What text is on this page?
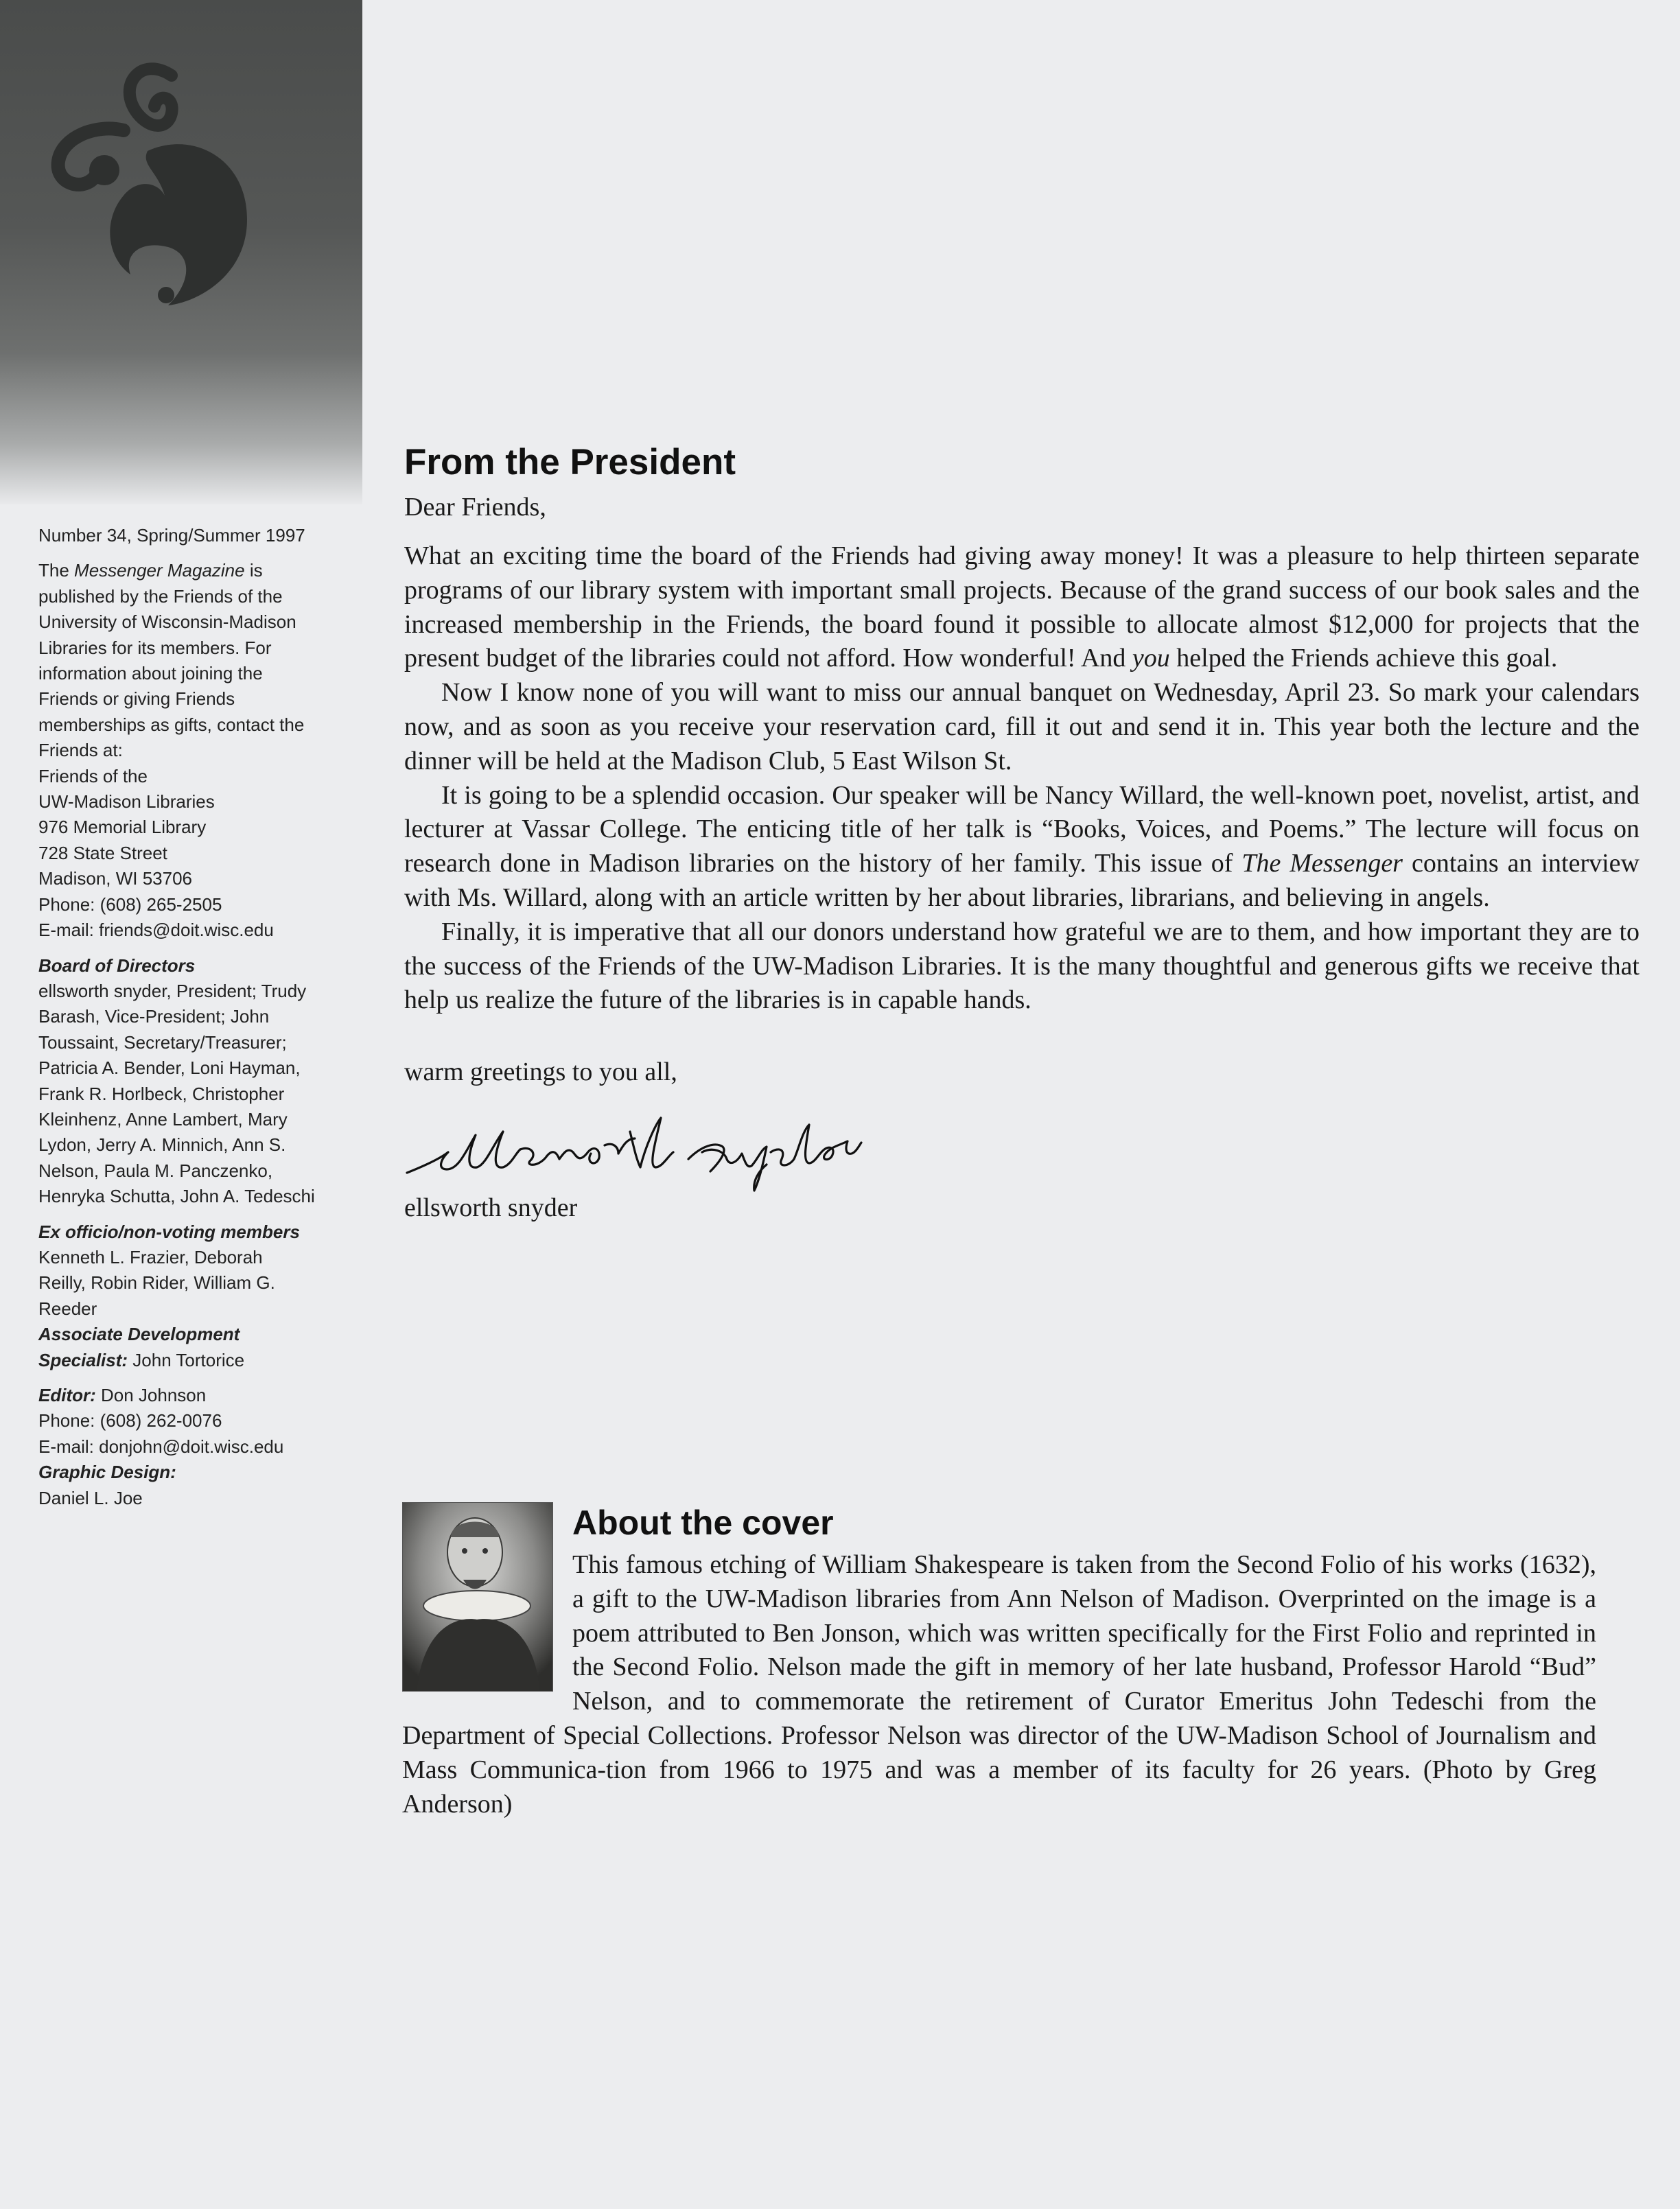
Number 34, Spring/Summer 1997
The Messenger Magazine is
published by the Friends of the
University of Wisconsin-Madison
Libraries for its members. For
information about joining the
Friends or giving Friends
memberships as gifts, contact the
Friends at:
Friends of the
UW-Madison Libraries
976 Memorial Library
728 State Street
Madison, WI 53706
Phone: (608) 265-2505
E-mail: friends@doit.wisc.edu
Board of Directors
ellsworth snyder, President; Trudy
Barash, Vice-President; John
Toussaint, Secretary/Treasurer;
Patricia A. Bender, Loni Hayman,
Frank R. Horlbeck, Christopher
Kleinhenz, Anne Lambert, Mary
Lydon, Jerry A. Minnich, Ann S.
Nelson, Paula M. Panczenko,
Henryka Schutta, John A. Tedeschi
Ex officio/non-voting members
Kenneth L. Frazier, Deborah
Reilly, Robin Rider, William G.
Reeder
Associate Development
Specialist: John Tortorice
Editor: Don Johnson
Phone: (608) 262-0076
E-mail: donjohn@doit.wisc.edu
Graphic Design:
Daniel L. Joe
From the President

Dear Friends,

What an exciting time the board of the Friends had giving away money! It was a pleasure to help thirteen separate programs of our library system with important small projects. Because of the grand success of our book sales and the increased membership in the Friends, the board found it possible to allocate almost $12,000 for projects that the present budget of the libraries could not afford. How wonderful! And you helped the Friends achieve this goal.

Now I know none of you will want to miss our annual banquet on Wednesday, April 23. So mark your calendars now, and as soon as you receive your reservation card, fill it out and send it in. This year both the lecture and the dinner will be held at the Madison Club, 5 East Wilson St.

It is going to be a splendid occasion. Our speaker will be Nancy Willard, the well-known poet, novelist, artist, and lecturer at Vassar College. The enticing title of her talk is “Books, Voices, and Poems.” The lecture will focus on research done in Madison libraries on the history of her family. This issue of The Messenger contains an interview with Ms. Willard, along with an article written by her about libraries, librarians, and believing in angels.

Finally, it is imperative that all our donors understand how grateful we are to them, and how important they are to the success of the Friends of the UW-Madison Libraries. It is the many thoughtful and generous gifts we receive that help us realize the future of the libraries is in capable hands.

warm greetings to you all,

ellsworth snyder

About the cover

This famous etching of William Shakespeare is taken from the Second Folio of his works (1632), a gift to the UW-Madison libraries from Ann Nelson of Madison. Overprinted on the image is a poem attributed to Ben Jonson, which was written specifically for the First Folio and reprinted in the Second Folio. Nelson made the gift in memory of her late husband, Professor Harold “Bud” Nelson, and to commemorate the retirement of Curator Emeritus John Tedeschi from the Department of Special Collections. Professor Nelson was director of the UW-Madison School of Journalism and Mass Communica-tion from 1966 to 1975 and was a member of its faculty for 26 years. (Photo by Greg Anderson)
